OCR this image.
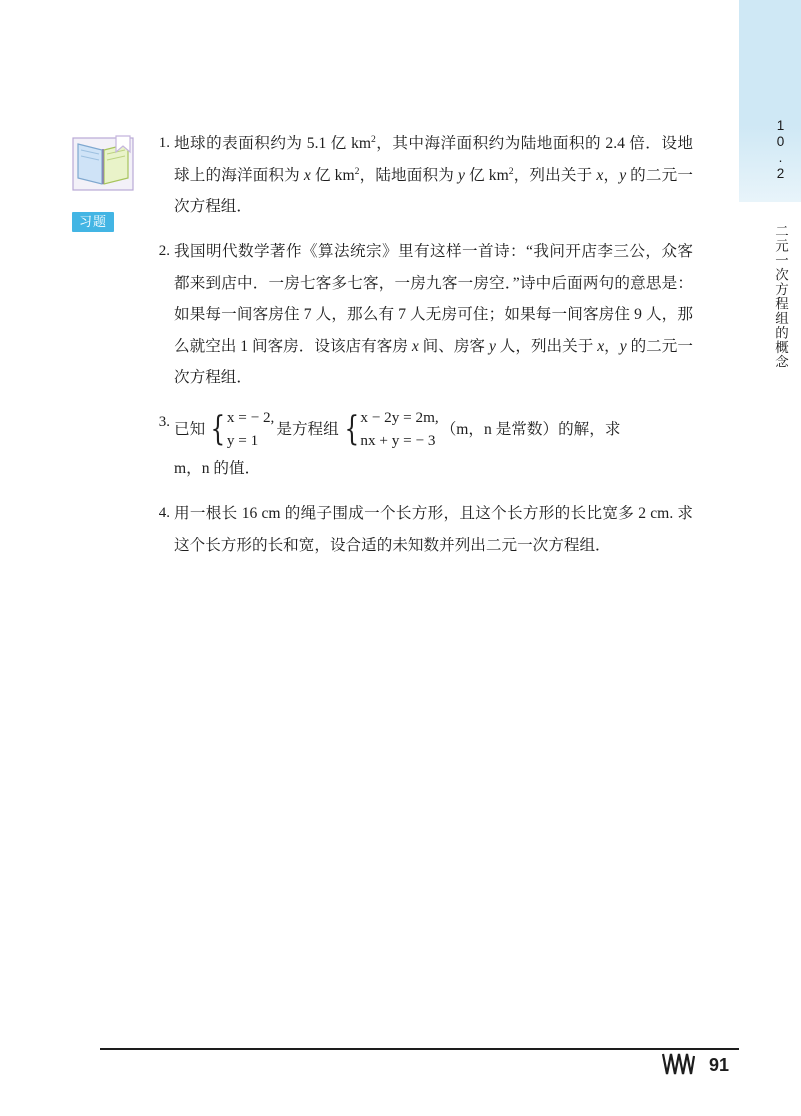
10.2  二元一次方程组的概念
习题
1. 地球的表面积约为 5.1 亿 $km^2$，其中海洋面积约为陆地面积的 2.4 倍．设地球上的海洋面积为 x 亿 $km^2$，陆地面积为 y 亿 $km^2$，列出关于 x，y 的二元一次方程组．
2. 我国明代数学著作《算法统宗》里有这样一首诗：“我问开店李三公，众客都来到店中．一房七客多七客，一房九客一房空．”诗中后面两句的意思是：如果每一间客房住 7 人，那么有 7 人无房可住；如果每一间客房住 9 人，那么就空出 1 间客房．设该店有客房 x 间、房客 y 人，列出关于 x，y 的二元一次方程组．
3. 已知 { x = − 2,
y = 1
是方程组 { x − 2y = 2m,
nx + y = − 3
（m，n 是常数）的解，求
m，n 的值．
4. 用一根长 16 cm 的绳子围成一个长方形，且这个长方形的长比宽多 2 cm. 求这个长方形的长和宽，设合适的未知数并列出二元一次方程组．
91
